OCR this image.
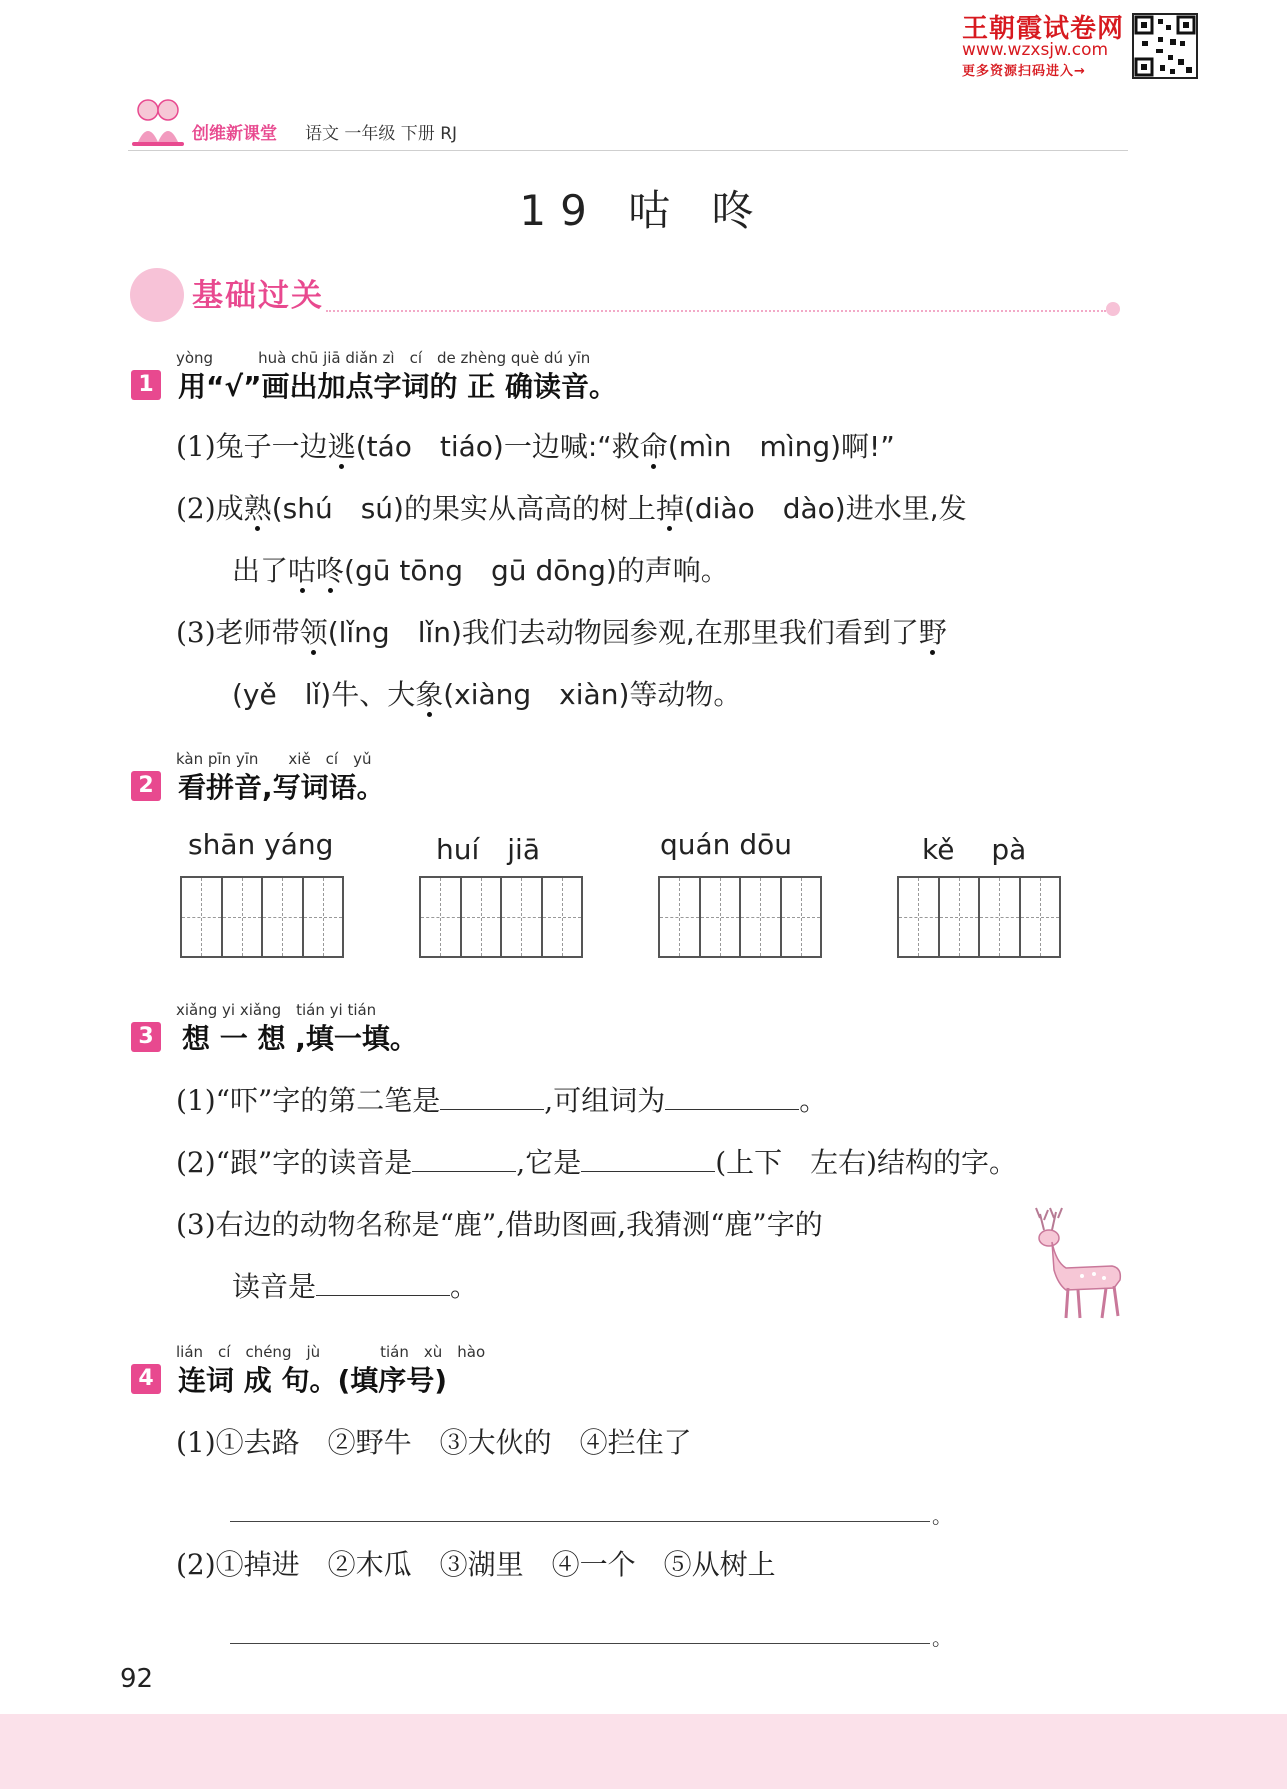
王朝霞试卷网
www.wzxsjw.com
更多资源扫码进入→
创维新课堂 语文 一年级 下册 RJ
19 咕 咚
基础过关
yòng　　　huà chū jiā diǎn zì　cí　de zhèng què dú yīn
1 用“√”画出加点字词的 正 确读音。
(1)兔子一边逃(táo　tiáo)一边喊:“救命(mìn　mìng)啊!”
(2)成熟(shú　sú)的果实从高高的树上掉(diào　dào)进水里,发
出了咕咚(gū tōng　gū dōng)的声响。
(3)老师带领(lǐng　lǐn)我们去动物园参观,在那里我们看到了野
(yě　lǐ)牛、大象(xiàng　xiàn)等动物。
kàn pīn yīn　　xiě　cí　yǔ
2 看拼音,写词语。
shān yáng	huí　jiā	quán dōu	kě　 pà
xiǎng yi xiǎng　tián yi tián
3 想 一 想 ,填一填。
(1)“吓”字的第二笔是	,可组词为	。
(2)“跟”字的读音是	,它是	(上下　左右)结构的字。
(3)右边的动物名称是“鹿”,借助图画,我猜测“鹿”字的
读音是	。
lián　cí　chéng　jù　　　　tián　xù　hào
4 连词 成 句。(填序号)
(1)①去路　②野牛　③大伙的　④拦住了
。
(2)①掉进　②木瓜　③湖里　④一个　⑤从树上
。
92
